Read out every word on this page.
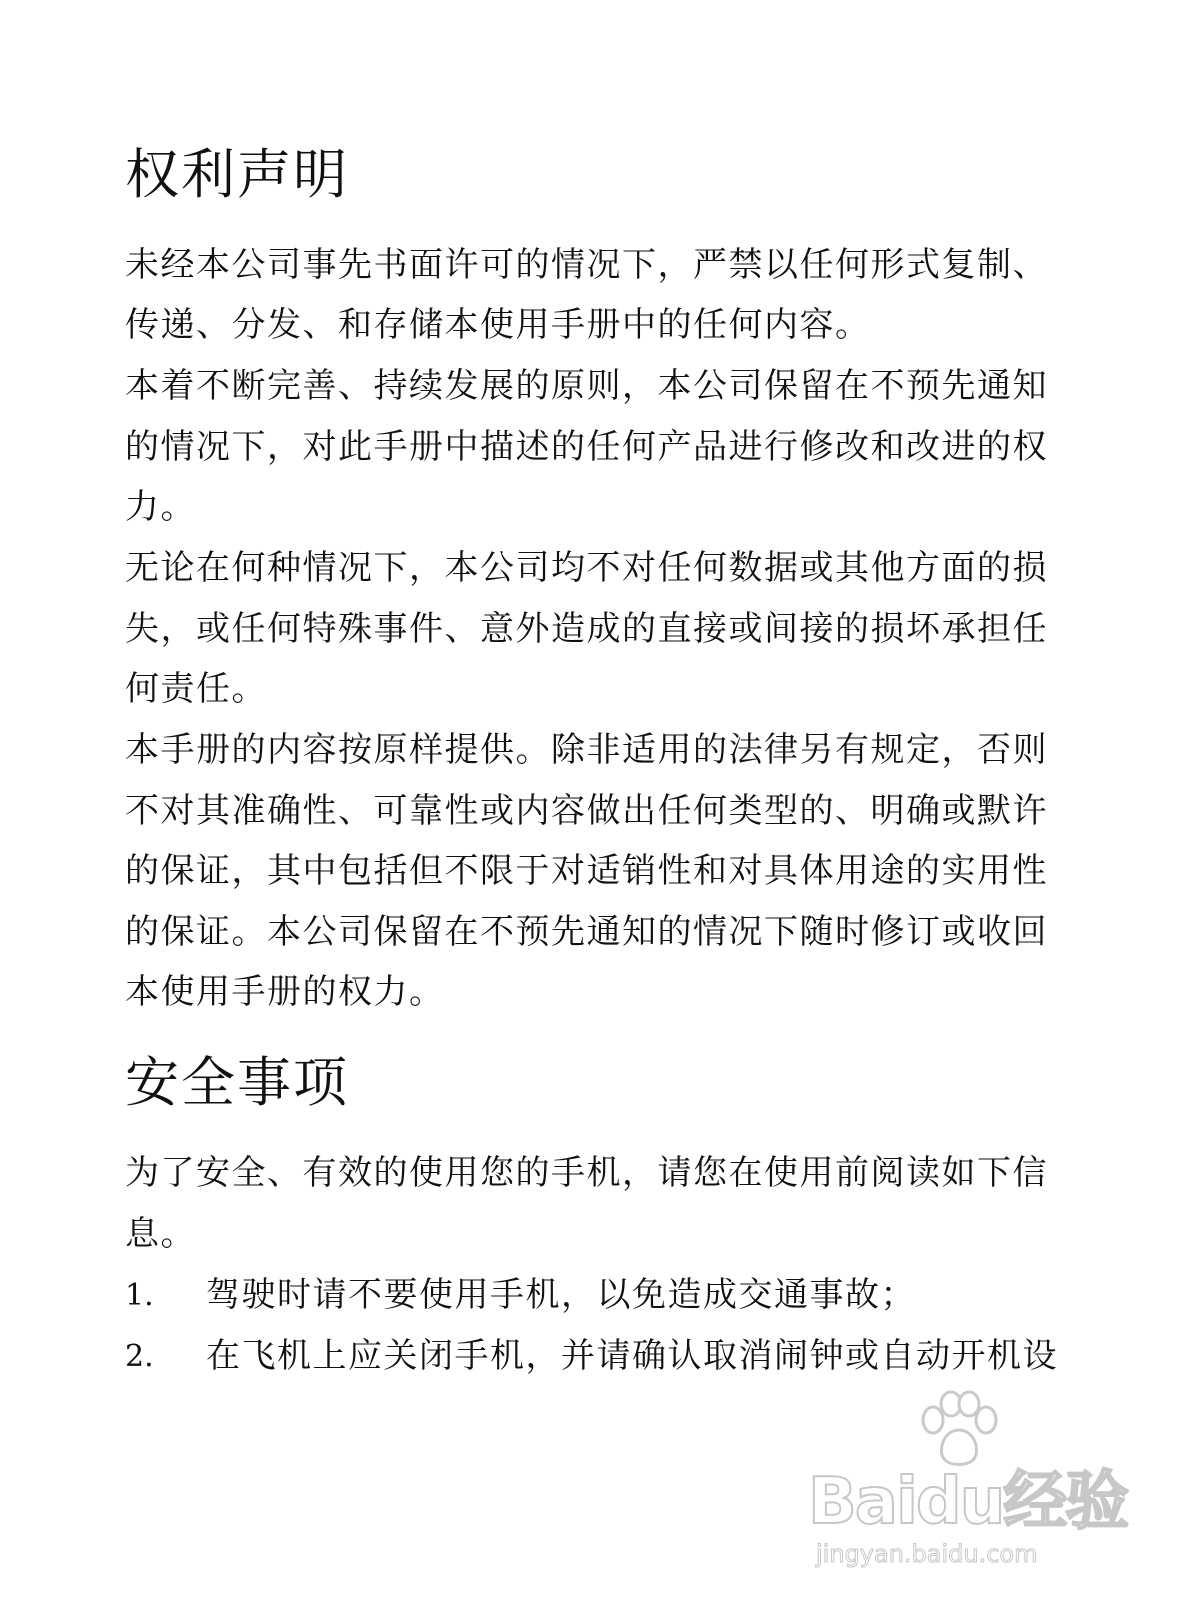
权利声明

未经本公司事先书面许可的情况下，严禁以任何形式复制、

传递、分发、和存储本使用手册中的任何内容。

本着不断完善、持续发展的原则，本公司保留在不预先通知

的情况下，对此手册中描述的任何产品进行修改和改进的权

力。

无论在何种情况下，本公司均不对任何数据或其他方面的损

失，或任何特殊事件、意外造成的直接或间接的损坏承担任

何责任。

本手册的内容按原样提供。除非适用的法律另有规定，否则

不对其准确性、可靠性或内容做出任何类型的、明确或默许

的保证，其中包括但不限于对适销性和对具体用途的实用性

的保证。本公司保留在不预先通知的情况下随时修订或收回

本使用手册的权力。

安全事项

为了安全、有效的使用您的手机，请您在使用前阅读如下信

息。

1. 驾驶时请不要使用手机，以免造成交通事故；
2. 在飞机上应关闭手机，并请确认取消闹钟或自动开机设
Baidu经验
jingyan.baidu.com
